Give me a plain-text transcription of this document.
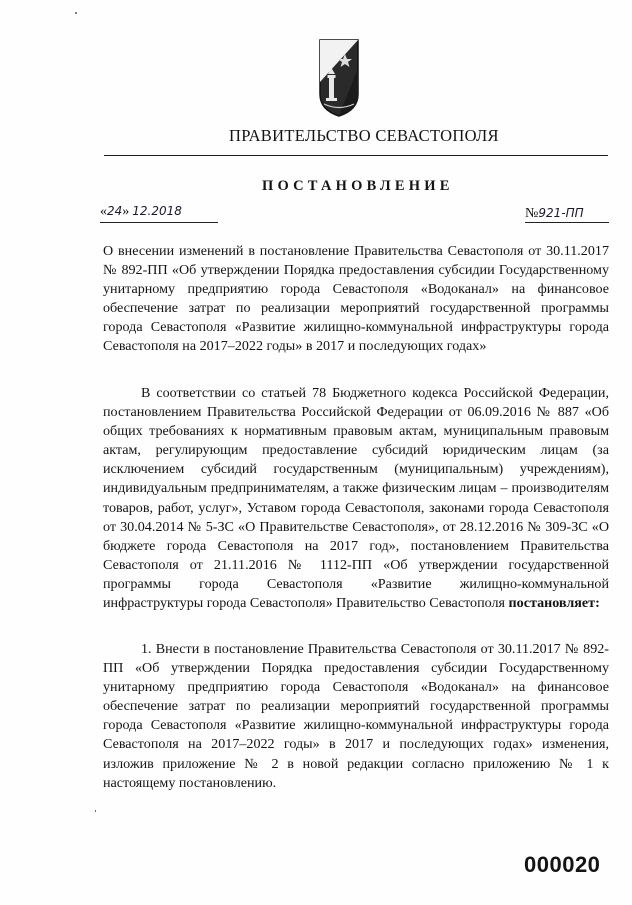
ПРАВИТЕЛЬСТВО СЕВАСТОПОЛЯ
ПОСТАНОВЛЕНИЕ
«24» 12.2018	№921-ПП
О внесении изменений в постановление Правительства Севастополя от 30.11.2017 № 892-ПП «Об утверждении Порядка предоставления субсидии Государственному унитарному предприятию города Севастополя «Водоканал» на финансовое обеспечение затрат по реализации мероприятий государственной программы города Севастополя «Развитие жилищно-коммунальной инфраструктуры города Севастополя на 2017–2022 годы» в 2017 и последующих годах»
В соответствии со статьей 78 Бюджетного кодекса Российской Федерации, постановлением Правительства Российской Федерации от 06.09.2016 № 887 «Об общих требованиях к нормативным правовым актам, муниципальным правовым актам, регулирующим предоставление субсидий юридическим лицам (за исключением субсидий государственным (муниципальным) учреждениям), индивидуальным предпринимателям, а также физическим лицам – производителям товаров, работ, услуг», Уставом города Севастополя, законами города Севастополя от 30.04.2014 № 5-ЗС «О Правительстве Севастополя», от 28.12.2016 № 309-ЗС «О бюджете города Севастополя на 2017 год», постановлением Правительства Севастополя от 21.11.2016 № 1112-ПП «Об утверждении государственной программы города Севастополя «Развитие жилищно-коммунальной инфраструктуры города Севастополя» Правительство Севастополя постановляет:
1. Внести в постановление Правительства Севастополя от 30.11.2017 № 892-ПП «Об утверждении Порядка предоставления субсидии Государственному унитарному предприятию города Севастополя «Водоканал» на финансовое обеспечение затрат по реализации мероприятий государственной программы города Севастополя «Развитие жилищно-коммунальной инфраструктуры города Севастополя на 2017–2022 годы» в 2017 и последующих годах» изменения, изложив приложение № 2 в новой редакции согласно приложению № 1 к настоящему постановлению.
000020
